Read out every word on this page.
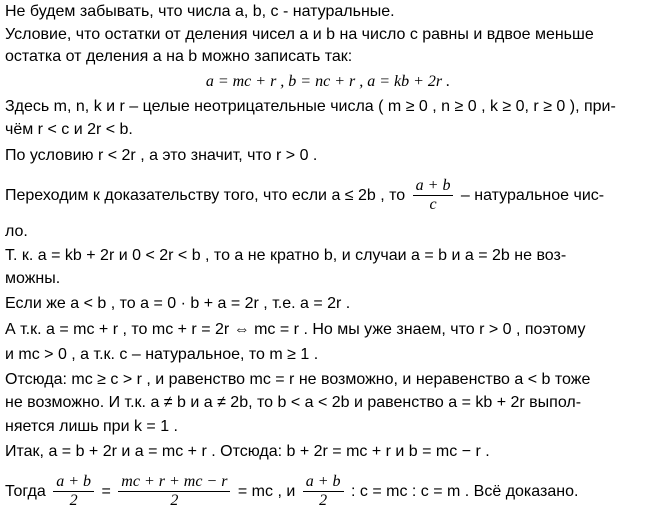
Не будем забывать, что числа a, b, c - натуральные.
Условие, что остатки от деления чисел a и b на число c равны и вдвое меньше
остатка от деления a на b можно записать так:
a = mc + r , b = nc + r , a = kb + 2r .
Здесь m, n, k и r – целые неотрицательные числа ( m ≥ 0 , n ≥ 0 , k ≥ 0, r ≥ 0 ), при-
чём r < c и 2r < b.
По условию r < 2r , а это значит, что r > 0 .
Переходим к доказательству того, что если a ≤ 2b , то $\frac{a + b}{c}$ – натуральное чис-
ло.
Т. к. a = kb + 2r и 0 < 2r < b , то a не кратно b, и случаи a = b и a = 2b не воз-
можны.
Если же a < b , то a = 0 · b + a = 2r , т.е. a = 2r .
А т.к. a = mc + r , то mc + r = 2r ⇔ mc = r . Но мы уже знаем, что r > 0 , поэтому
и mc > 0 , а т.к. c – натуральное, то m ≥ 1 .
Отсюда: mc ≥ c > r , и равенство mc = r не возможно, и неравенство a < b тоже
не возможно. И т.к. a ≠ b и a ≠ 2b, то b < a < 2b и равенство a = kb + 2r выпол-
няется лишь при k = 1 .
Итак, a = b + 2r и a = mc + r . Отсюда: b + 2r = mc + r и b = mc − r .
Тогда $\frac{a + b}{2} = \frac{mc + r + mc - r}{2}$ = mc , и $\frac{a + b}{2}$ : c = mc : c = m . Всё доказано.
